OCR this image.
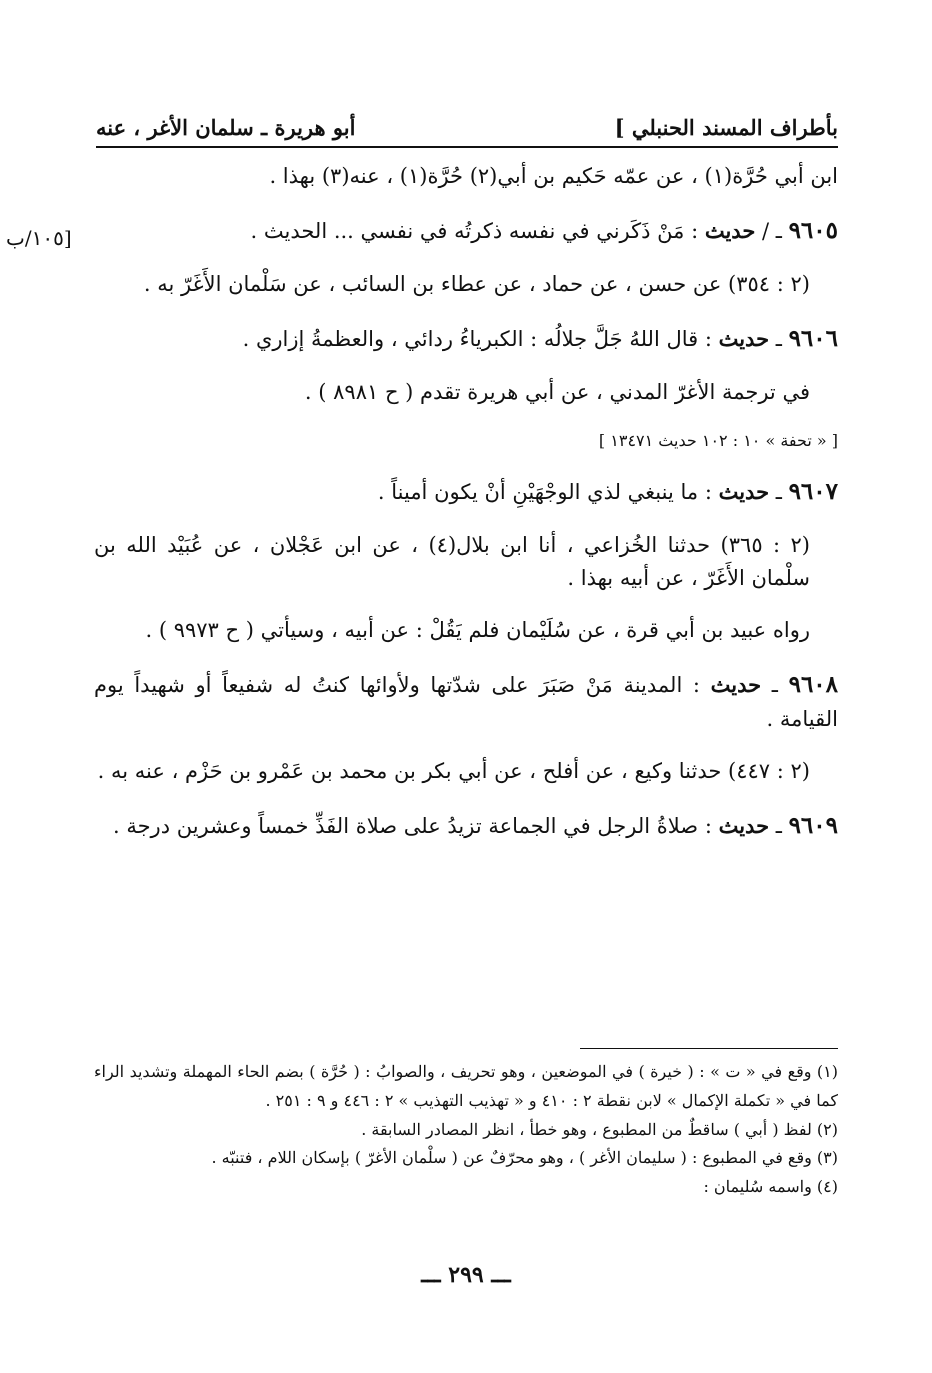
بأطراف المسند الحنبلي ]
أبو هريرة ـ سلمان الأغر ، عنه
[١٠٥/ب

ابن أبي حُرَّة(١) ، عن عمّه حَكيم بن أبي(٢) حُرَّة(١) ، عنه(٣) بهذا .

٩٦٠٥ ـ / حديث : مَنْ ذَكَرني في نفسه ذكرتُه في نفسي ... الحديث .

(٢ : ٣٥٤) عن حسن ، عن حماد ، عن عطاء بن السائب ، عن سَلْمان الأَغَرّ به .

٩٦٠٦ ـ حديث : قال اللهُ جَلَّ جلالُه : الكبرياءُ ردائي ، والعظمةُ إزاري .

في ترجمة الأغرّ المدني ، عن أبي هريرة تقدم ( ح ٨٩٨١ ) .

[ « تحفة » ١٠ : ١٠٢ حديث ١٣٤٧١ ]

٩٦٠٧ ـ حديث : ما ينبغي لذي الوجْهَيْنِ أنْ يكون أميناً .

(٢ : ٣٦٥) حدثنا الخُزاعي ، أنا ابن بلال(٤) ، عن ابن عَجْلان ، عن عُبَيْد الله بن سلْمان الأَغَرّ ، عن أبيه بهذا .

رواه عبيد بن أبي قرة ، عن سُلَيْمان فلم يَقُلْ : عن أبيه ، وسيأتي ( ح ٩٩٧٣ ) .

٩٦٠٨ ـ حديث : المدينة مَنْ صَبَرَ على شدّتها ولأوائها كنتُ له شفيعاً أو شهيداً يوم القيامة .

(٢ : ٤٤٧) حدثنا وكيع ، عن أفلح ، عن أبي بكر بن محمد بن عَمْرو بن حَزْم ، عنه به .

٩٦٠٩ ـ حديث : صلاةُ الرجل في الجماعة تزيدُ على صلاة الفَذِّ خمساً وعشرين درجة .

(١) وقع في « ت » : ( خيرة ) في الموضعين ، وهو تحريف ، والصوابُ : ( حُرَّة ) بضم الحاء المهملة وتشديد الراء كما في « تكملة الإكمال » لابن نقطة ٢ : ٤١٠ و « تهذيب التهذيب » ٢ : ٤٤٦ و ٩ : ٢٥١ .

(٢) لفظ ( أبي ) ساقطٌ من المطبوع ، وهو خطأ ، انظر المصادر السابقة .

(٣) وقع في المطبوع : ( سليمان الأغر ) ، وهو محرّفٌ عن ( سلْمان الأغرّ ) بإسكان اللام ، فتنبّه .

(٤) واسمه سُليمان :

ـــ ٢٩٩ ـــ
